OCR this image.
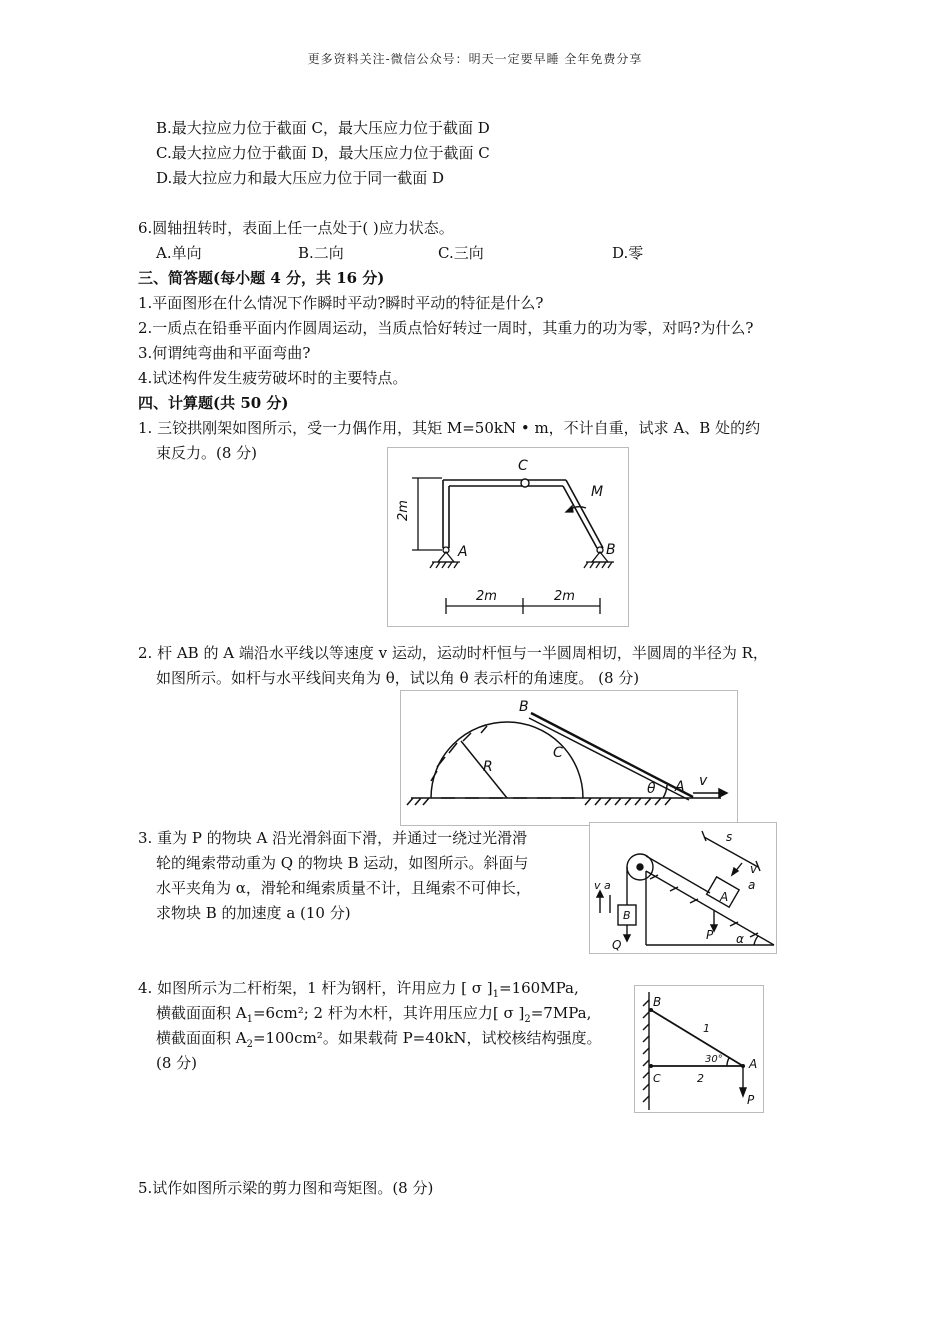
更多资料关注-微信公众号：明天一定要早睡 全年免费分享
B.最大拉应力位于截面 C，最大压应力位于截面 D
C.最大拉应力位于截面 D，最大压应力位于截面 C
D.最大拉应力和最大压应力位于同一截面 D
6.圆轴扭转时，表面上任一点处于( )应力状态。
A.单向	B.二向	C.三向	D.零
三、简答题(每小题 4 分，共 16 分)
1.平面图形在什么情况下作瞬时平动?瞬时平动的特征是什么?
2.一质点在铅垂平面内作圆周运动，当质点恰好转过一周时，其重力的功为零，对吗?为什么?
3.何谓纯弯曲和平面弯曲?
4.试述构件发生疲劳破坏时的主要特点。
四、计算题(共 50 分)
1. 三铰拱刚架如图所示，受一力偶作用，其矩 M=50kN • m，不计自重，试求 A、B 处的约
束反力。(8 分)
C
M
A	B
2m
2m	2m
2. 杆 AB 的 A 端沿水平线以等速度 v 运动，运动时杆恒与一半圆周相切，半圆周的半径为 R，
如图所示。如杆与水平线间夹角为 θ，试以角 θ 表示杆的角速度。 (8 分)
B
R
C
θ A v
3. 重为 P 的物块 A 沿光滑斜面下滑，并通过一绕过光滑滑
轮的绳索带动重为 Q 的物块 B 运动，如图所示。斜面与
水平夹角为 α，滑轮和绳索质量不计，且绳索不可伸长，
求物块 B 的加速度 a (10 分)
s
v
a
A
P α
v a
B
Q
4. 如图所示为二杆桁架，1 杆为钢杆，许用应力 [ σ ]$_1=160MPa$,
横截面面积 $A_1=6cm^2$; 2 杆为木杆，其许用压应力[ σ ]$_2=7MPa$,
横截面面积 $A_2=100cm^2$。如果载荷 P=40kN，试校核结构强度。
(8 分)
B
1
30° A
C	2
P
5.试作如图所示梁的剪力图和弯矩图。(8 分)
